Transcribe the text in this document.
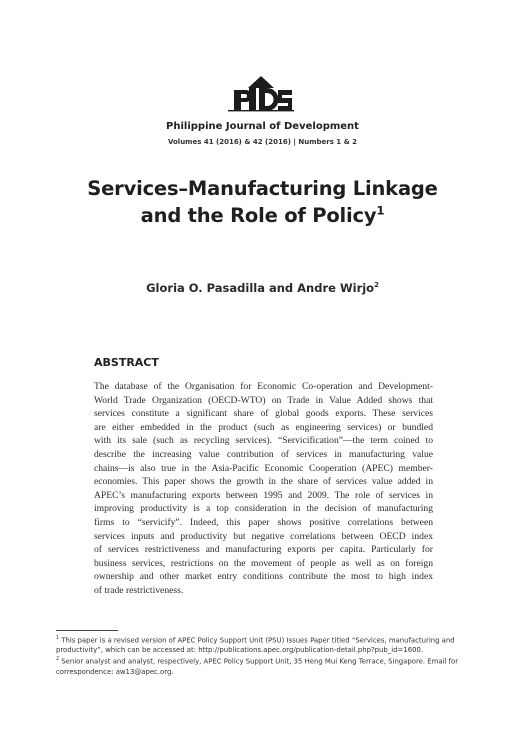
Philippine Journal of Development
Volumes 41 (2016) & 42 (2016) | Numbers 1 & 2
Services–Manufacturing Linkage
and the Role of Policy$^1$
Gloria O. Pasadilla and Andre Wirjo$^2$
ABSTRACT
The database of the Organisation for Economic Co-operation and Development-
World Trade Organization (OECD-WTO) on Trade in Value Added shows that
services constitute a significant share of global goods exports. These services
are either embedded in the product (such as engineering services) or bundled
with its sale (such as recycling services). “Servicification”—the term coined to
describe the increasing value contribution of services in manufacturing value
chains—is also true in the Asia-Pacific Economic Cooperation (APEC) member-
economies. This paper shows the growth in the share of services value added in
APEC’s manufacturing exports between 1995 and 2009. The role of services in
improving productivity is a top consideration in the decision of manufacturing
firms to “servicify”. Indeed, this paper shows positive correlations between
services inputs and productivity but negative correlations between OECD index
of services restrictiveness and manufacturing exports per capita. Particularly for
business services, restrictions on the movement of people as well as on foreign
ownership and other market entry conditions contribute the most to high index
of trade restrictiveness.

$^1$ This paper is a revised version of APEC Policy Support Unit (PSU) Issues Paper titled “Services, manufacturing and
productivity”, which can be accessed at: http://publications.apec.org/publication-detail.php?pub_id=1600.

$^2$ Senior analyst and analyst, respectively, APEC Policy Support Unit, 35 Heng Mui Keng Terrace, Singapore. Email for
correspondence: aw13@apec.org.
